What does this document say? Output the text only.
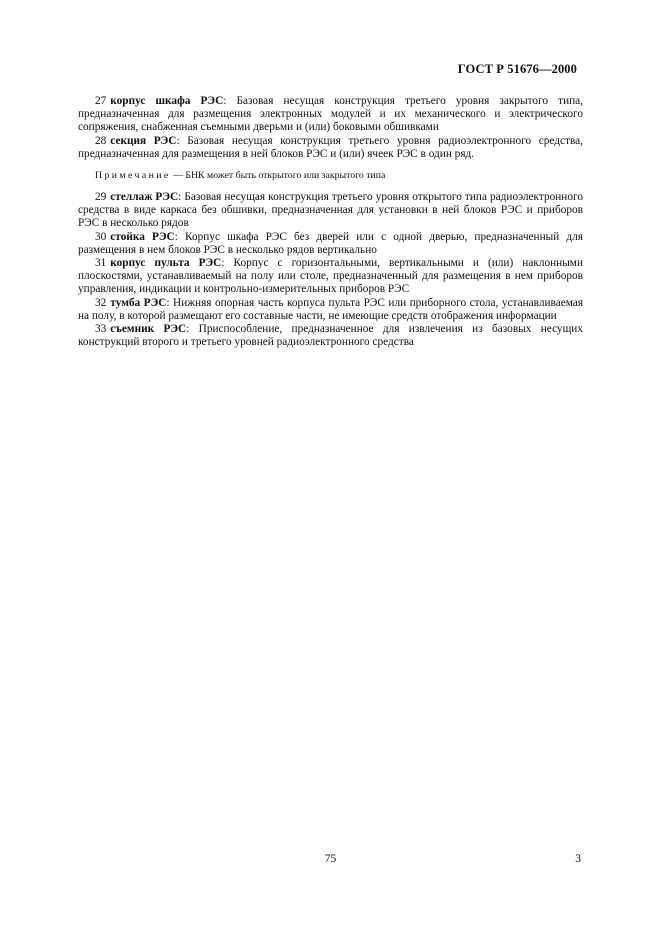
ГОСТ Р 51676—2000

27 корпус шкафа РЭС: Базовая несущая конструкция третьего уровня закрытого типа, предназначенная для размещения электронных модулей и их механического и электрического сопряжения, снабженная съемными дверьми и (или) боковыми обшивками

28 секция РЭС: Базовая несущая конструкция третьего уровня радиоэлектронного средства, предназначенная для размещения в ней блоков РЭС и (или) ячеек РЭС в один ряд.

Примечание — БНК может быть открытого или закрытого типа

29 стеллаж РЭС: Базовая несущая конструкция третьего уровня открытого типа радиоэлектронного средства в виде каркаса без обшивки, предназначенная для установки в ней блоков РЭС и приборов РЭС в несколько рядов

30 стойка РЭС: Корпус шкафа РЭС без дверей или с одной дверью, предназначенный для размещения в нем блоков РЭС в несколько рядов вертикально

31 корпус пульта РЭС: Корпус с горизонтальными, вертикальными и (или) наклонными плоскостями, устанавливаемый на полу или столе, предназначенный для размещения в нем приборов управления, индикации и контрольно-измерительных приборов РЭС

32 тумба РЭС: Нижняя опорная часть корпуса пульта РЭС или приборного стола, устанавливаемая на полу, в которой размещают его составные части, не имеющие средств отображения информации

33 съемник РЭС: Приспособление, предназначенное для извлечения из базовых несущих конструкций второго и третьего уровней радиоэлектронного средства

75	3
